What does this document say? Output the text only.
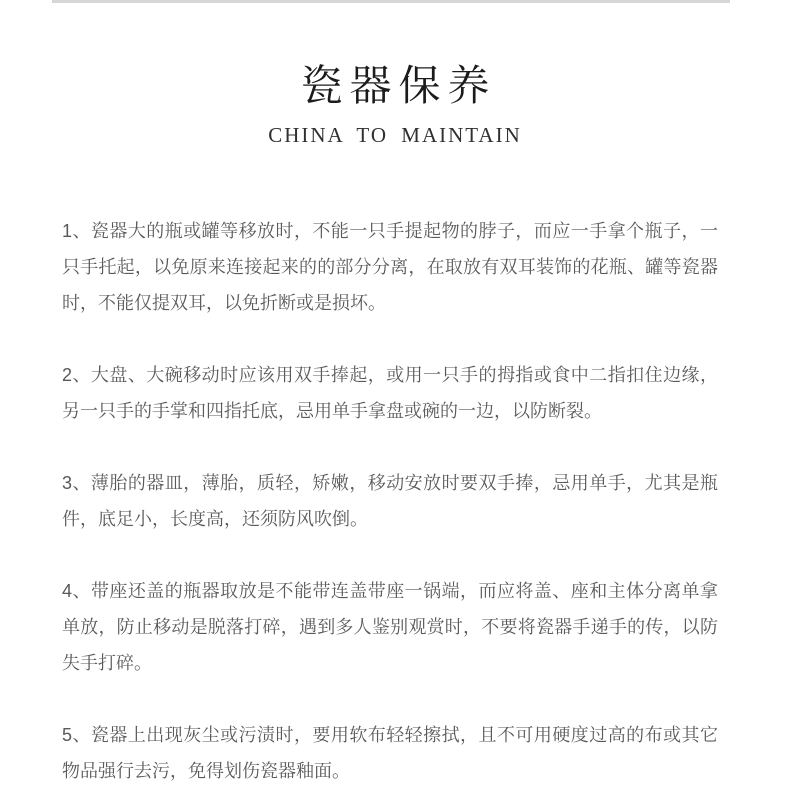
瓷器保养
CHINA TO MAINTAIN

1、瓷器大的瓶或罐等移放时，不能一只手提起物的脖子，而应一手拿个瓶子，一只手托起，以免原来连接起来的的部分分离，在取放有双耳装饰的花瓶、罐等瓷器时，不能仅提双耳，以免折断或是损坏。

2、大盘、大碗移动时应该用双手捧起，或用一只手的拇指或食中二指扣住边缘，另一只手的手掌和四指托底，忌用单手拿盘或碗的一边，以防断裂。

3、薄胎的器皿，薄胎，质轻，矫嫩，移动安放时要双手捧，忌用单手，尤其是瓶件，底足小，长度高，还须防风吹倒。

4、带座还盖的瓶器取放是不能带连盖带座一锅端，而应将盖、座和主体分离单拿单放，防止移动是脱落打碎，遇到多人鉴别观赏时，不要将瓷器手递手的传，以防失手打碎。

5、瓷器上出现灰尘或污渍时，要用软布轻轻擦拭，且不可用硬度过高的布或其它物品强行去污，免得划伤瓷器釉面。
